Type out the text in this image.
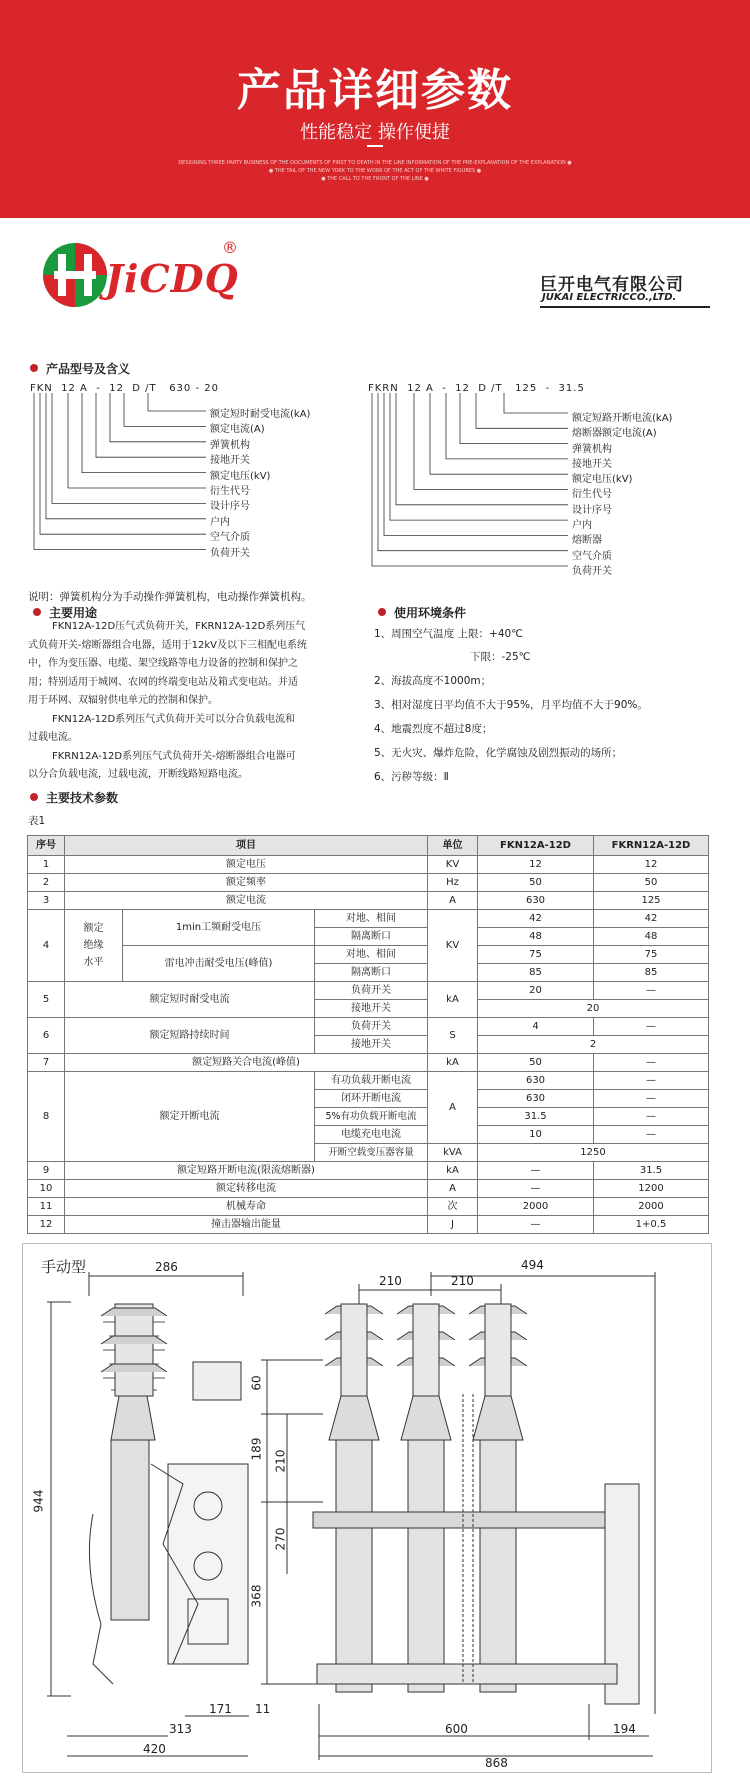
产品详细参数
性能稳定 操作便捷
DESIGNING THREE-PARTY BUSINESS OF THE DOCUMENTS OF FIRST TO DEATH IN THE LINE INFORMATION OF THE PRE-EXPLANATION OF THE EXPLANATION ●
● THE TAIL OF THE NEW YORK TO THE WORK OF THE ACT OF THE WHITE FIGURES ●
● THE CALL TO THE FRONT OF THE LINE ●
JiCDQ
®
巨开电气有限公司
JUKAI ELECTRICCO.,LTD.
产品型号及含义
FKN  12 A  -  12  D /T   630 - 20
额定短时耐受电流(kA)
额定电流(A)
弹簧机构
接地开关
额定电压(kV)
衍生代号
设计序号
户内
空气介质
负荷开关
FKRN  12 A  -  12  D /T   125  -  31.5
额定短路开断电流(kA)
熔断器额定电流(A)
弹簧机构
接地开关
额定电压(kV)
衍生代号
设计序号
户内
熔断器
空气介质
负荷开关
说明：弹簧机构分为手动操作弹簧机构，电动操作弹簧机构。
主要用途
FKN12A-12D压气式负荷开关，FKRN12A-12D系列压气
式负荷开关-熔断器组合电器，适用于12kV及以下三相配电系统
中，作为变压器、电缆、架空线路等电力设备的控制和保护之
用；特别适用于城网、农网的终端变电站及箱式变电站。并适
用于环网、双辐射供电单元的控制和保护。
FKN12A-12D系列压气式负荷开关可以分合负载电流和
过载电流。
FKRN12A-12D系列压气式负荷开关-熔断器组合电器可
以分合负载电流，过载电流，开断线路短路电流。
使用环境条件
1、周围空气温度 上限：+40℃
下限：-25℃
2、海拔高度不1000m；
3、相对湿度日平均值不大于95%，月平均值不大于90%。
4、地震烈度不超过8度；
5、无火灾、爆炸危险，化学腐蚀及剧烈振动的场所；
6、污秽等级：Ⅱ
主要技术参数
表1
序号	项目			单位	FKN12A-12D	FKRN12A-12D
1	额定电压			KV	12	12
2	额定频率			Hz	50	50
3	额定电流			A	630	125
4	额定
绝缘
水平	1min工频耐受电压	对地、相间	KV	42	42
			隔离断口		48	48
		雷电冲击耐受电压(峰值)	对地、相间		75	75
			隔离断口		85	85
5	额定短时耐受电流		负荷开关	kA	20	—
			接地开关		20	
6	额定短路持续时间		负荷开关	S	4	—
			接地开关		2	
7	额定短路关合电流(峰值)			kA	50	—
8	额定开断电流		有功负载开断电流	A	630	—
			闭环开断电流		630	—
			5%有功负载开断电流		31.5	—
			电缆充电电流		10	—
			开断空载变压器容量	kVA	1250	
9	额定短路开断电流(限流熔断器)			kA	—	31.5
10	额定转移电流			A	—	1200
11	机械寿命			次	2000	2000
12	撞击器输出能量			J	—	1+0.5
手动型	286	494
210	210
60
189
210
270
368
944
171 11
313
420
600	194
868
